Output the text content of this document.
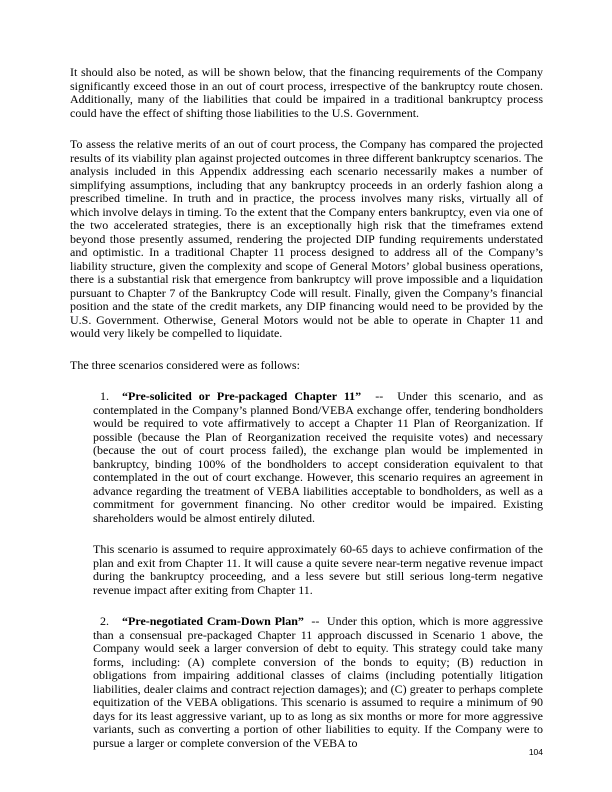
It should also be noted, as will be shown below, that the financing requirements of the Company significantly exceed those in an out of court process, irrespective of the bankruptcy route chosen. Additionally, many of the liabilities that could be impaired in a traditional bankruptcy process could have the effect of shifting those liabilities to the U.S. Government.

To assess the relative merits of an out of court process, the Company has compared the projected results of its viability plan against projected outcomes in three different bankruptcy scenarios. The analysis included in this Appendix addressing each scenario necessarily makes a number of simplifying assumptions, including that any bankruptcy proceeds in an orderly fashion along a prescribed timeline. In truth and in practice, the process involves many risks, virtually all of which involve delays in timing. To the extent that the Company enters bankruptcy, even via one of the two accelerated strategies, there is an exceptionally high risk that the timeframes extend beyond those presently assumed, rendering the projected DIP funding requirements understated and optimistic. In a traditional Chapter 11 process designed to address all of the Company’s liability structure, given the complexity and scope of General Motors’ global business operations, there is a substantial risk that emergence from bankruptcy will prove impossible and a liquidation pursuant to Chapter 7 of the Bankruptcy Code will result. Finally, given the Company’s financial position and the state of the credit markets, any DIP financing would need to be provided by the U.S. Government. Otherwise, General Motors would not be able to operate in Chapter 11 and would very likely be compelled to liquidate.

The three scenarios considered were as follows:

1. “Pre-solicited or Pre-packaged Chapter 11”  --  Under this scenario, and as contemplated in the Company’s planned Bond/VEBA exchange offer, tendering bondholders would be required to vote affirmatively to accept a Chapter 11 Plan of Reorganization. If possible (because the Plan of Reorganization received the requisite votes) and necessary (because the out of court process failed), the exchange plan would be implemented in bankruptcy, binding 100% of the bondholders to accept consideration equivalent to that contemplated in the out of court exchange. However, this scenario requires an agreement in advance regarding the treatment of VEBA liabilities acceptable to bondholders, as well as a commitment for government financing. No other creditor would be impaired. Existing shareholders would be almost entirely diluted.

This scenario is assumed to require approximately 60-65 days to achieve confirmation of the plan and exit from Chapter 11. It will cause a quite severe near-term negative revenue impact during the bankruptcy proceeding, and a less severe but still serious long-term negative revenue impact after exiting from Chapter 11.

2. “Pre-negotiated Cram-Down Plan”  --  Under this option, which is more aggressive than a consensual pre-packaged Chapter 11 approach discussed in Scenario 1 above, the Company would seek a larger conversion of debt to equity. This strategy could take many forms, including: (A) complete conversion of the bonds to equity; (B) reduction in obligations from impairing additional classes of claims (including potentially litigation liabilities, dealer claims and contract rejection damages); and (C) greater to perhaps complete equitization of the VEBA obligations. This scenario is assumed to require a minimum of 90 days for its least aggressive variant, up to as long as six months or more for more aggressive variants, such as converting a portion of other liabilities to equity. If the Company were to pursue a larger or complete conversion of the VEBA to

104
